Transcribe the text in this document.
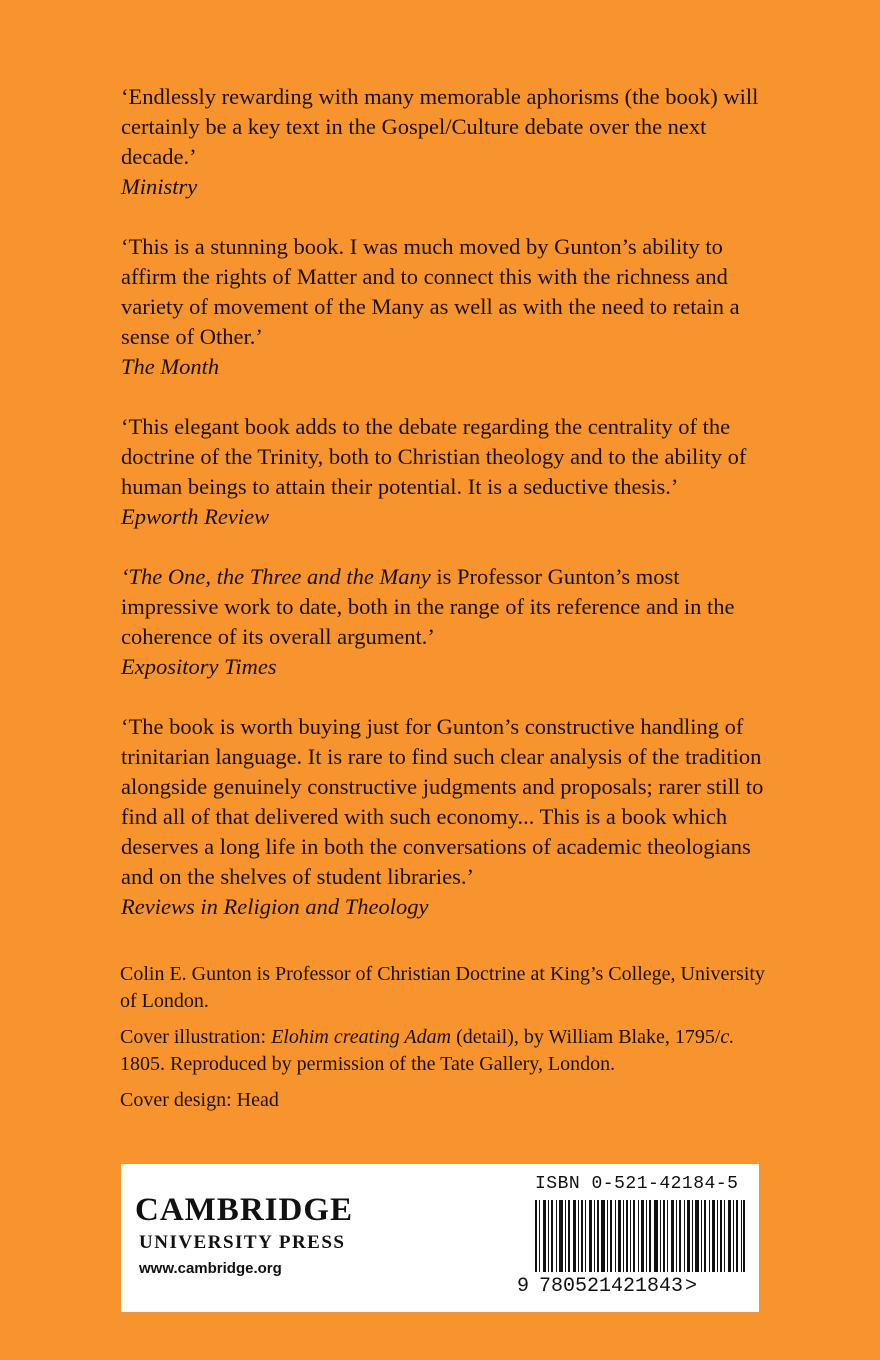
‘Endlessly rewarding with many memorable aphorisms (the book) will certainly be a key text in the Gospel/Culture debate over the next decade.’

Ministry

‘This is a stunning book. I was much moved by Gunton’s ability to affirm the rights of Matter and to connect this with the richness and variety of movement of the Many as well as with the need to retain a sense of Other.’

The Month

‘This elegant book adds to the debate regarding the centrality of the doctrine of the Trinity, both to Christian theology and to the ability of human beings to attain their potential. It is a seductive thesis.’

Epworth Review

‘The One, the Three and the Many is Professor Gunton’s most impressive work to date, both in the range of its reference and in the coherence of its overall argument.’

Expository Times

‘The book is worth buying just for Gunton’s constructive handling of trinitarian language. It is rare to find such clear analysis of the tradition alongside genuinely constructive judgments and proposals; rarer still to find all of that delivered with such economy... This is a book which deserves a long life in both the conversations of academic theologians and on the shelves of student libraries.’

Reviews in Religion and Theology

Colin E. Gunton is Professor of Christian Doctrine at King’s College, University of London.

Cover illustration: Elohim creating Adam (detail), by William Blake, 1795/c. 1805. Reproduced by permission of the Tate Gallery, London.

Cover design: Head

CAMBRIDGE
UNIVERSITY PRESS
www.cambridge.org
ISBN 0-521-42184-5
9 780521421843 >
